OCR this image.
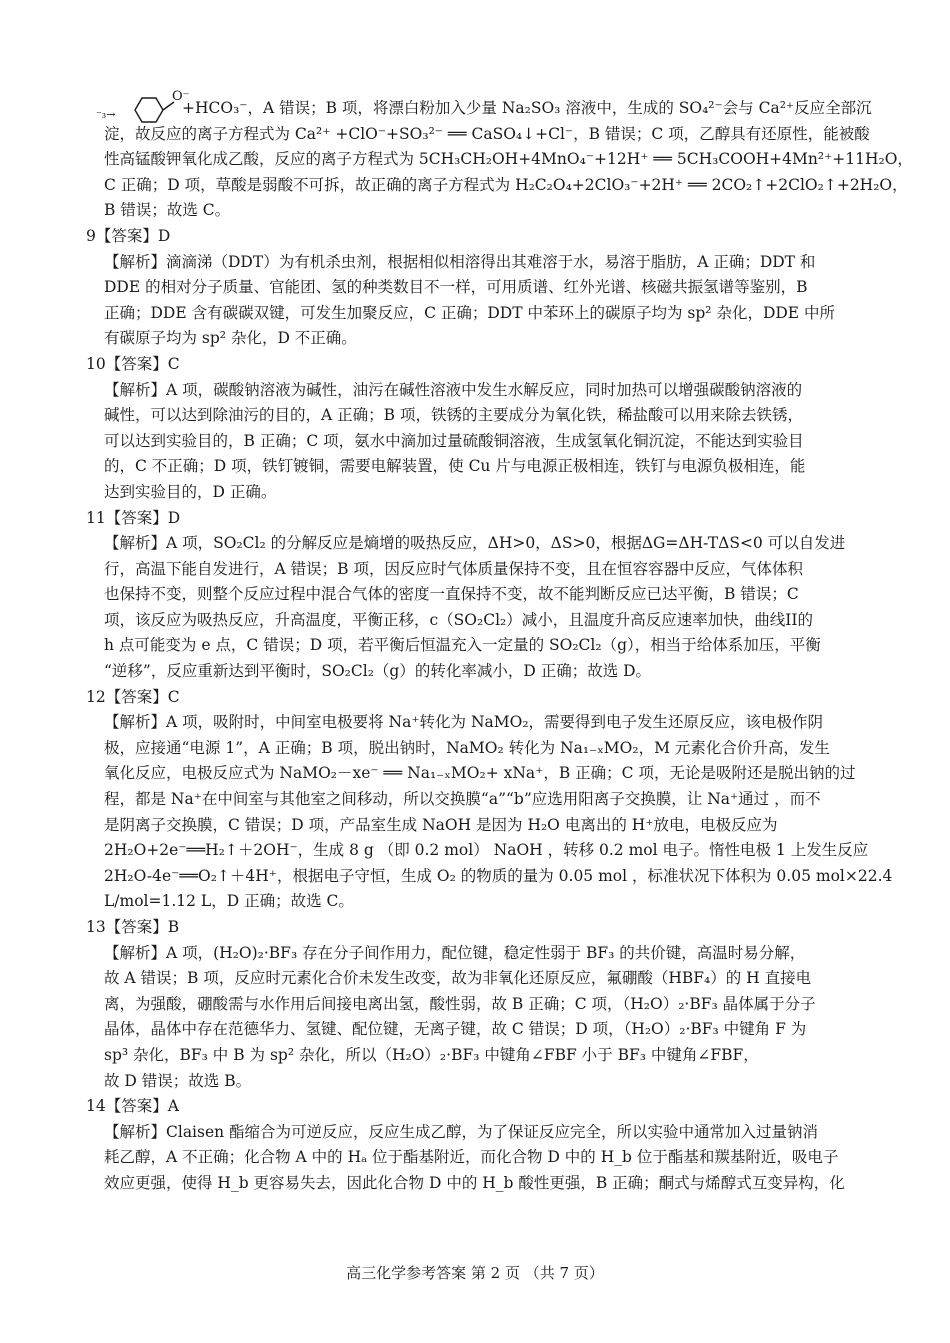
⁻₃→
O⁻
+HCO₃⁻，A 错误；B 项，将漂白粉加入少量 Na₂SO₃ 溶液中，生成的 SO₄²⁻会与 Ca²⁺反应全部沉
淀，故反应的离子方程式为 Ca²⁺ +ClO⁻+SO₃²⁻ ══ CaSO₄↓+Cl⁻，B 错误；C 项，乙醇具有还原性，能被酸
性高锰酸钾氧化成乙酸，反应的离子方程式为 5CH₃CH₂OH+4MnO₄⁻+12H⁺ ══ 5CH₃COOH+4Mn²⁺+11H₂O，
C 正确；D 项，草酸是弱酸不可拆，故正确的离子方程式为 H₂C₂O₄+2ClO₃⁻+2H⁺ ══ 2CO₂↑+2ClO₂↑+2H₂O，
B 错误；故选 C。
9【答案】D
【解析】滴滴涕（DDT）为有机杀虫剂，根据相似相溶得出其难溶于水，易溶于脂肪，A 正确；DDT 和
DDE 的相对分子质量、官能团、氢的种类数目不一样，可用质谱、红外光谱、核磁共振氢谱等鉴别，B
正确；DDE 含有碳碳双键，可发生加聚反应，C 正确；DDT 中苯环上的碳原子均为 sp² 杂化，DDE 中所
有碳原子均为 sp² 杂化，D 不正确。
10【答案】C
【解析】A 项，碳酸钠溶液为碱性，油污在碱性溶液中发生水解反应，同时加热可以增强碳酸钠溶液的
碱性，可以达到除油污的目的，A 正确；B 项，铁锈的主要成分为氧化铁，稀盐酸可以用来除去铁锈，
可以达到实验目的，B 正确；C 项，氨水中滴加过量硫酸铜溶液，生成氢氧化铜沉淀，不能达到实验目
的，C 不正确；D 项，铁钉镀铜，需要电解装置，使 Cu 片与电源正极相连，铁钉与电源负极相连，能
达到实验目的，D 正确。
11【答案】D
【解析】A 项，SO₂Cl₂ 的分解反应是熵增的吸热反应，ΔH>0，ΔS>0，根据ΔG=ΔH-TΔS<0 可以自发进
行，高温下能自发进行，A 错误；B 项，因反应时气体质量保持不变，且在恒容容器中反应，气体体积
也保持不变，则整个反应过程中混合气体的密度一直保持不变，故不能判断反应已达平衡，B 错误；C
项，该反应为吸热反应，升高温度，平衡正移，c（SO₂Cl₂）减小，且温度升高反应速率加快，曲线II的
h 点可能变为 e 点，C 错误；D 项，若平衡后恒温充入一定量的 SO₂Cl₂（g），相当于给体系加压，平衡
“逆移”，反应重新达到平衡时，SO₂Cl₂（g）的转化率减小，D 正确；故选 D。
12【答案】C
【解析】A 项，吸附时，中间室电极要将 Na⁺转化为 NaMO₂，需要得到电子发生还原反应，该电极作阴
极，应接通“电源 1”，A 正确；B 项，脱出钠时，NaMO₂ 转化为 Na₁₋ₓMO₂，M 元素化合价升高，发生
氧化反应，电极反应式为 NaMO₂－xe⁻ ══ Na₁₋ₓMO₂+ xNa⁺，B 正确；C 项，无论是吸附还是脱出钠的过
程，都是 Na⁺在中间室与其他室之间移动，所以交换膜“a”“b”应选用阳离子交换膜，让 Na⁺通过 ，而不
是阴离子交换膜，C 错误；D 项，产品室生成 NaOH 是因为 H₂O 电离出的 H⁺放电，电极反应为
2H₂O+2e⁻══H₂↑＋2OH⁻，生成 8 g （即 0.2 mol） NaOH ，转移 0.2 mol 电子。惰性电极 1 上发生反应
2H₂O-4e⁻══O₂↑＋4H⁺，根据电子守恒，生成 O₂ 的物质的量为 0.05 mol ，标准状况下体积为 0.05 mol×22.4
L/mol=1.12 L，D 正确；故选 C。
13【答案】B
【解析】A 项，(H₂O)₂·BF₃ 存在分子间作用力，配位键，稳定性弱于 BF₃ 的共价键，高温时易分解，
故 A 错误；B 项，反应时元素化合价未发生改变，故为非氧化还原反应，氟硼酸（HBF₄）的 H 直接电
离，为强酸，硼酸需与水作用后间接电离出氢，酸性弱，故 B 正确；C 项，（H₂O）₂·BF₃ 晶体属于分子
晶体，晶体中存在范德华力、氢键、配位键，无离子键，故 C 错误；D 项，（H₂O）₂·BF₃ 中键角 F 为
sp³ 杂化，BF₃ 中 B 为 sp² 杂化，所以（H₂O）₂·BF₃ 中键角∠FBF 小于 BF₃ 中键角∠FBF，
故 D 错误；故选 B。
14【答案】A
【解析】Claisen 酯缩合为可逆反应，反应生成乙醇，为了保证反应完全，所以实验中通常加入过量钠消
耗乙醇，A 不正确；化合物 A 中的 Hₐ 位于酯基附近，而化合物 D 中的 H_b 位于酯基和羰基附近，吸电子
效应更强，使得 H_b 更容易失去，因此化合物 D 中的 H_b 酸性更强，B 正确；酮式与烯醇式互变异构，化
高三化学参考答案 第 2 页 （共 7 页）
